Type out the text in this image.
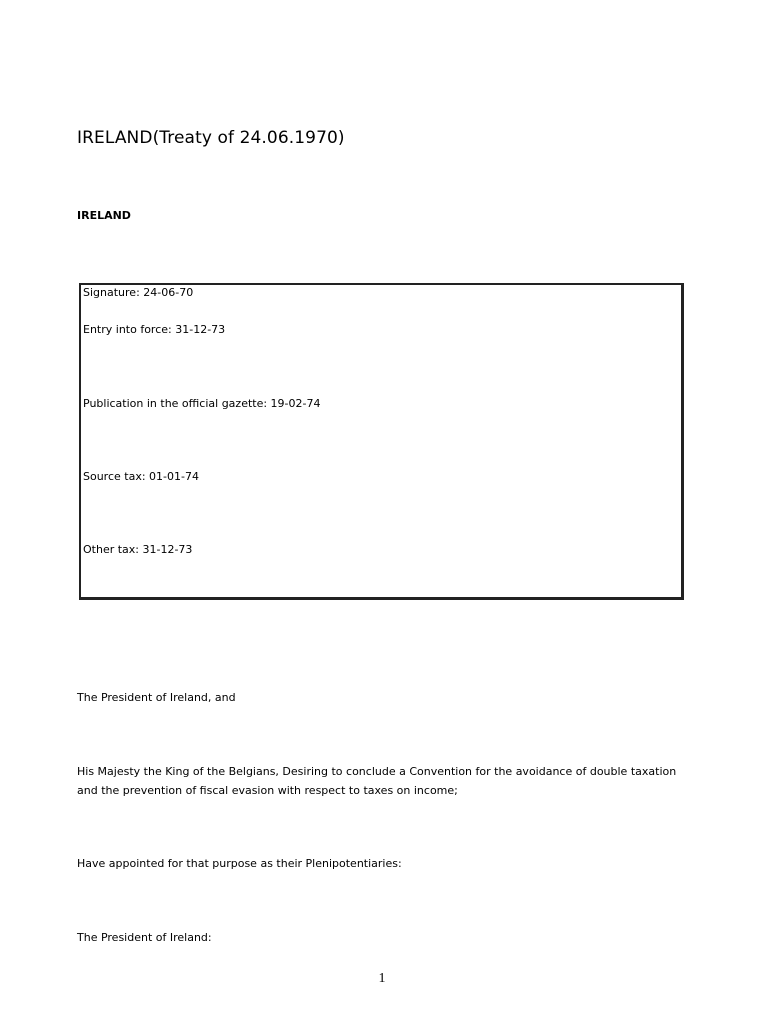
IRELAND(Treaty of 24.06.1970)
IRELAND
Signature: 24-06-70
Entry into force: 31-12-73
Publication in the official gazette: 19-02-74
Source tax: 01-01-74
Other tax: 31-12-73
The President of Ireland, and
His Majesty the King of the Belgians, Desiring to conclude a Convention for the avoidance of double taxation
and the prevention of fiscal evasion with respect to taxes on income;
Have appointed for that purpose as their Plenipotentiaries:
The President of Ireland:
1
